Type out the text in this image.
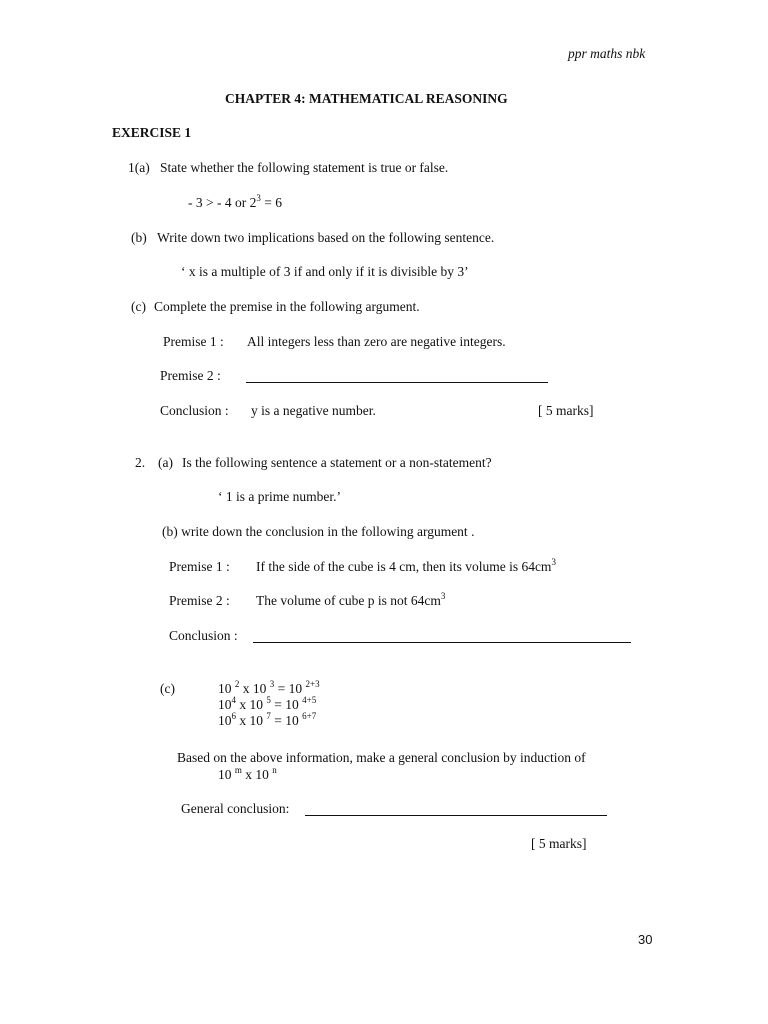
ppr maths nbk
CHAPTER 4: MATHEMATICAL REASONING
EXERCISE 1
1(a) State whether the following statement is true or false.
- 3 > - 4 or $2^3 = 6$
(b) Write down two implications based on the following sentence.
‘ x is a multiple of 3 if and only if it is divisible by 3’
(c) Complete the premise in the following argument.
Premise 1 : All integers less than zero are negative integers.
Premise 2 :
Conclusion : y is a negative number.	[ 5 marks]
2. (a) Is the following sentence a statement or a non-statement?
‘ 1 is a prime number.’
(b) write down the conclusion in the following argument .
Premise 1 : If the side of the cube is 4 cm, then its volume is $64cm^3$
Premise 2 : The volume of cube p is not $64cm^3$
Conclusion :
(c)	10 $^2$ x 10 $^3$ = 10 $^{2+3}$
$10^4$ x 10 $^5$ = 10 $^{4+5}$
$10^6$ x 10 $^7$ = 10 $^{6+7}$
Based on the above information, make a general conclusion by induction of
10 $^m$ x 10 $^n$
General conclusion:
[ 5 marks]
30
